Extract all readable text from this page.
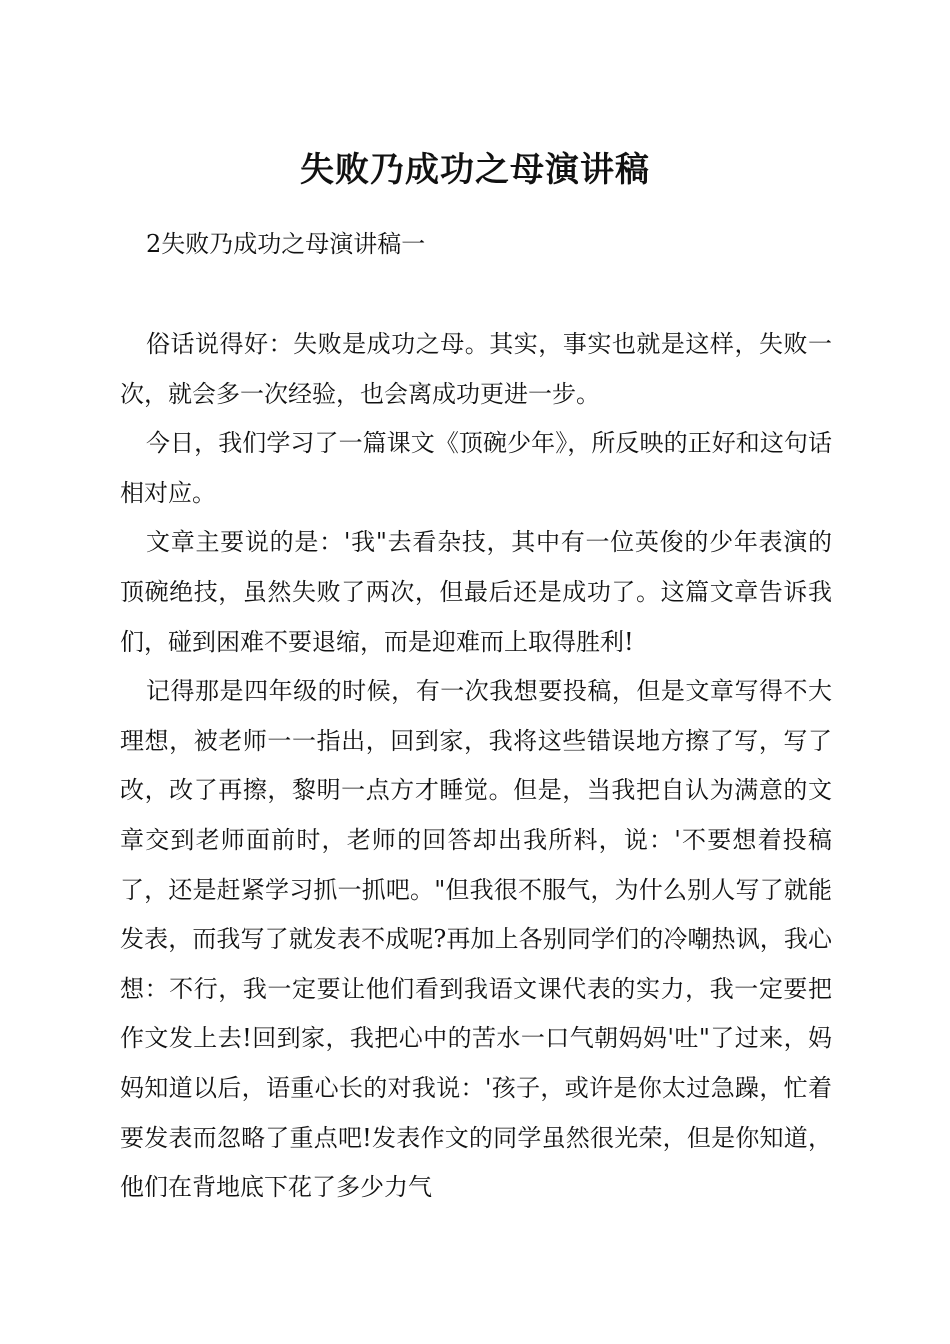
失败乃成功之母演讲稿
2失败乃成功之母演讲稿一

俗话说得好：失败是成功之母。其实，事实也就是这样，失败一次，就会多一次经验，也会离成功更进一步。

今日，我们学习了一篇课文《顶碗少年》，所反映的正好和这句话相对应。

文章主要说的是：'我"去看杂技，其中有一位英俊的少年表演的顶碗绝技，虽然失败了两次，但最后还是成功了。这篇文章告诉我们，碰到困难不要退缩，而是迎难而上取得胜利!

记得那是四年级的时候，有一次我想要投稿，但是文章写得不大理想，被老师一一指出，回到家，我将这些错误地方擦了写，写了改，改了再擦，黎明一点方才睡觉。但是，当我把自认为满意的文章交到老师面前时，老师的回答却出我所料，说：'不要想着投稿了，还是赶紧学习抓一抓吧。"但我很不服气，为什么别人写了就能发表，而我写了就发表不成呢?再加上各别同学们的冷嘲热讽，我心想：不行，我一定要让他们看到我语文课代表的实力，我一定要把作文发上去!回到家，我把心中的苦水一口气朝妈妈'吐"了过来，妈妈知道以后，语重心长的对我说：'孩子，或许是你太过急躁，忙着要发表而忽略了重点吧!发表作文的同学虽然很光荣，但是你知道，他们在背地底下花了多少力气
